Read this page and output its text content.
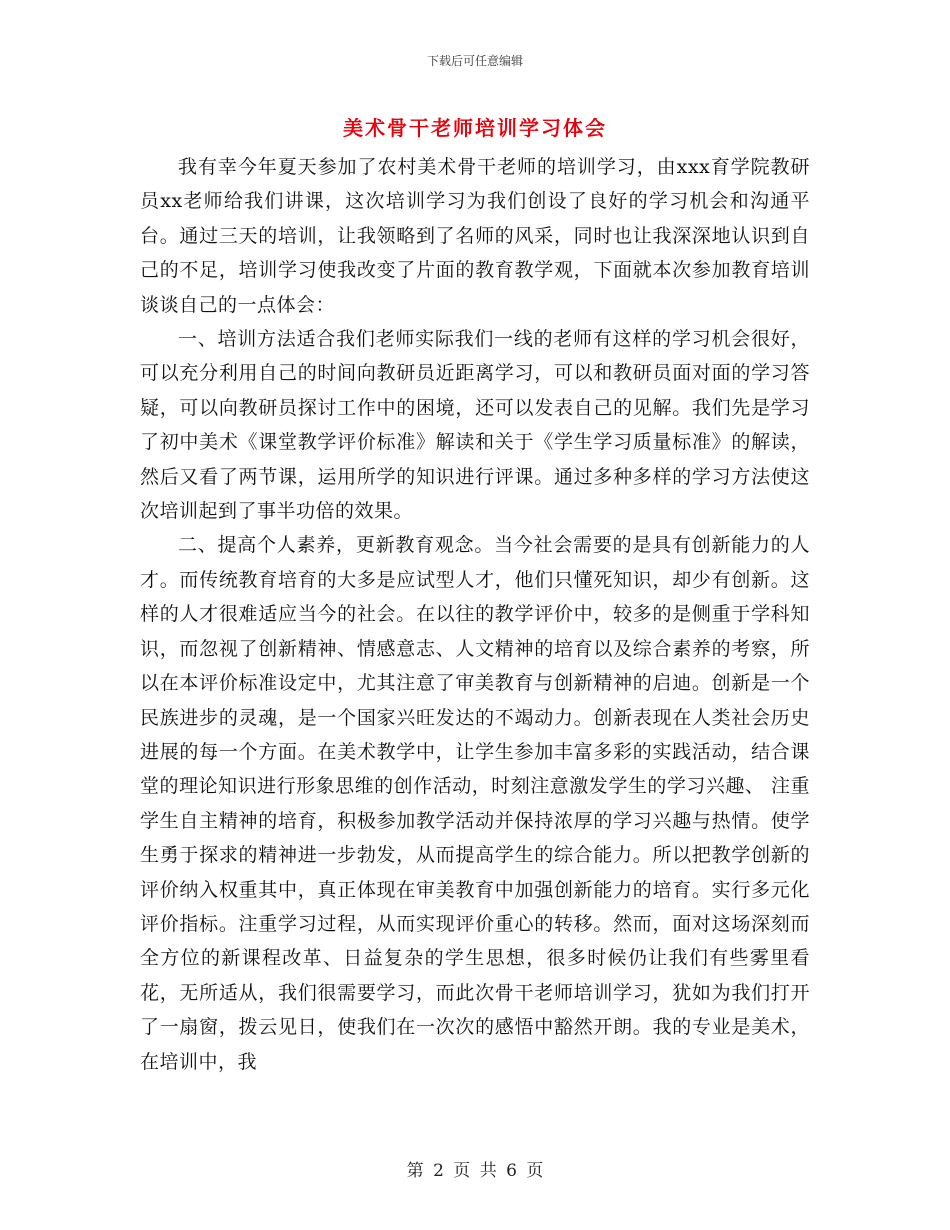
下载后可任意编辑
美术骨干老师培训学习体会

我有幸今年夏天参加了农村美术骨干老师的培训学习，由xxx育学院教研员xx老师给我们讲课，这次培训学习为我们创设了良好的学习机会和沟通平台。通过三天的培训，让我领略到了名师的风采，同时也让我深深地认识到自己的不足，培训学习使我改变了片面的教育教学观，下面就本次参加教育培训谈谈自己的一点体会：

一、培训方法适合我们老师实际我们一线的老师有这样的学习机会很好，可以充分利用自己的时间向教研员近距离学习，可以和教研员面对面的学习答疑，可以向教研员探讨工作中的困境，还可以发表自己的见解。我们先是学习了初中美术《课堂教学评价标准》解读和关于《学生学习质量标准》的解读，然后又看了两节课，运用所学的知识进行评课。通过多种多样的学习方法使这次培训起到了事半功倍的效果。

二、提高个人素养，更新教育观念。当今社会需要的是具有创新能力的人才。而传统教育培育的大多是应试型人才，他们只懂死知识，却少有创新。这样的人才很难适应当今的社会。在以往的教学评价中，较多的是侧重于学科知识，而忽视了创新精神、情感意志、人文精神的培育以及综合素养的考察，所以在本评价标准设定中，尤其注意了审美教育与创新精神的启迪。创新是一个民族进步的灵魂，是一个国家兴旺发达的不竭动力。创新表现在人类社会历史进展的每一个方面。在美术教学中，让学生参加丰富多彩的实践活动，结合课堂的理论知识进行形象思维的创作活动，时刻注意激发学生的学习兴趣、 注重学生自主精神的培育，积极参加教学活动并保持浓厚的学习兴趣与热情。使学生勇于探求的精神进一步勃发，从而提高学生的综合能力。所以把教学创新的评价纳入权重其中，真正体现在审美教育中加强创新能力的培育。实行多元化评价指标。注重学习过程，从而实现评价重心的转移。然而，面对这场深刻而全方位的新课程改革、日益复杂的学生思想，很多时候仍让我们有些雾里看花，无所适从，我们很需要学习，而此次骨干老师培训学习，犹如为我们打开了一扇窗，拨云见日，使我们在一次次的感悟中豁然开朗。我的专业是美术，在培训中，我

第 2 页 共 6 页
